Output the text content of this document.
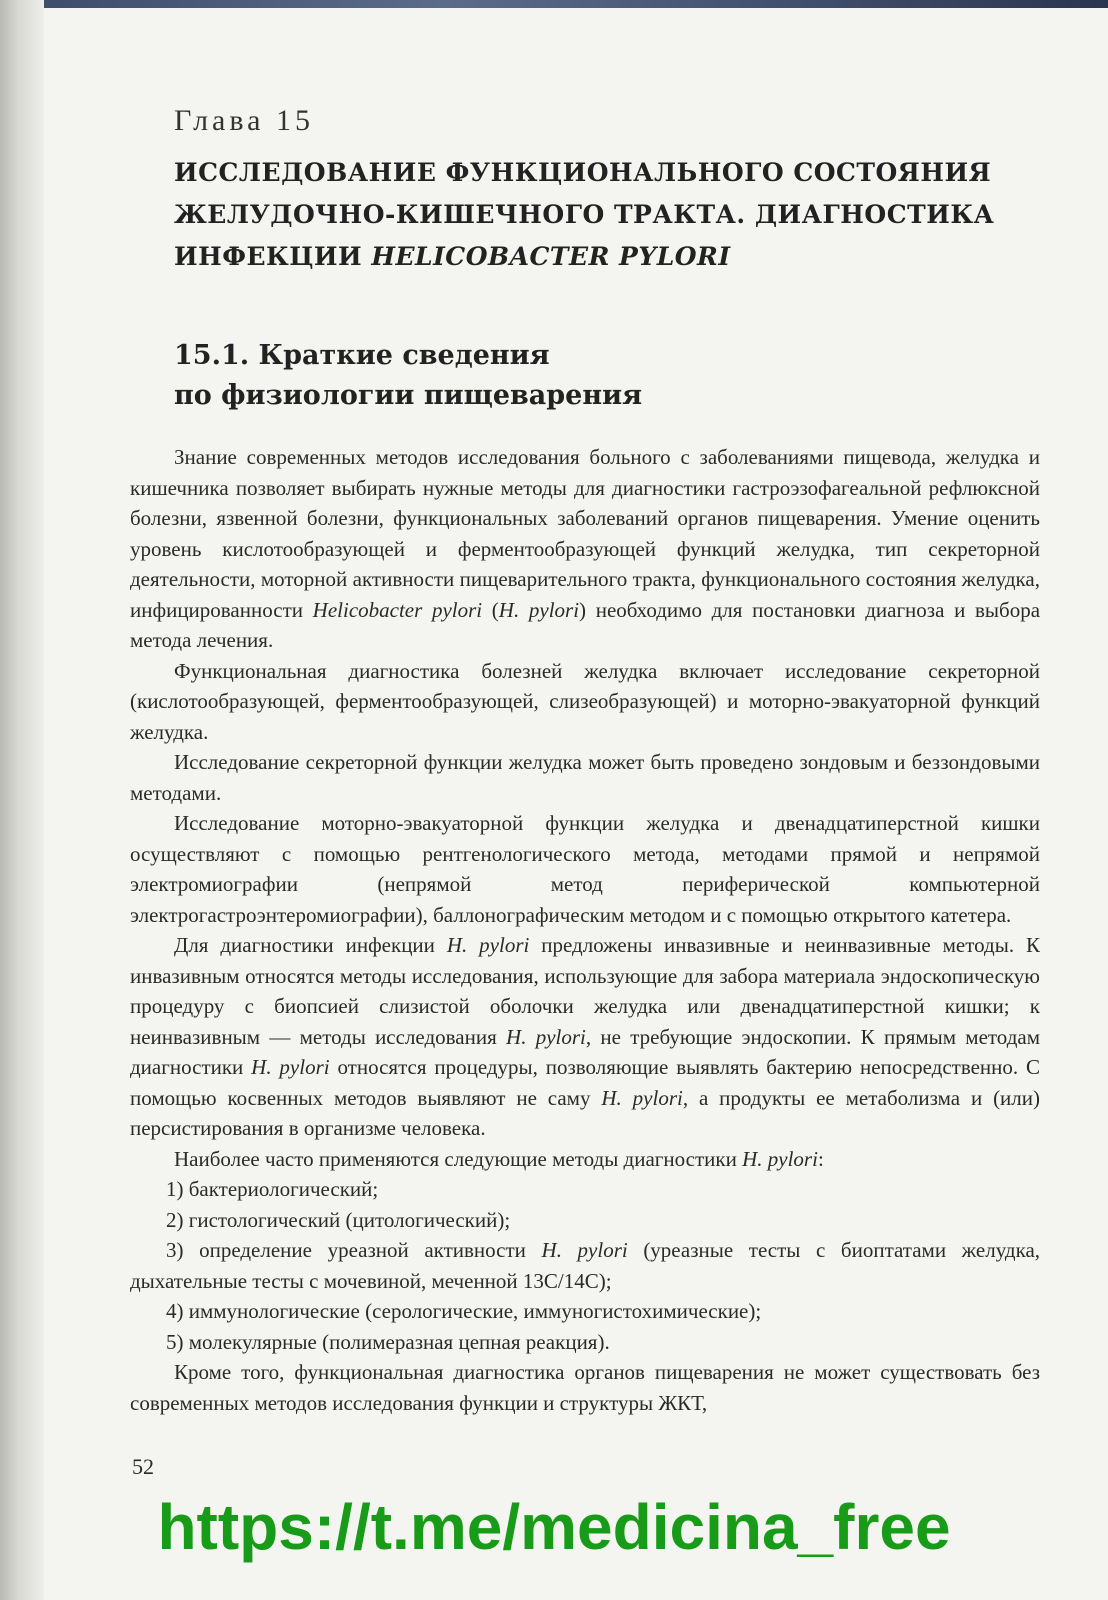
Глава 15
ИССЛЕДОВАНИЕ ФУНКЦИОНАЛЬНОГО СОСТОЯНИЯ
ЖЕЛУДОЧНО-КИШЕЧНОГО ТРАКТА. ДИАГНОСТИКА
ИНФЕКЦИИ HELICOBACTER PYLORI
15.1. Краткие сведения
по физиологии пищеварения

Знание современных методов исследования больного с заболеваниями пищевода, желудка и кишечника позволяет выбирать нужные методы для диагностики гастроэзофагеальной рефлюксной болезни, язвенной болезни, функциональных заболеваний органов пищеварения. Умение оценить уровень кислотообразующей и ферментообразующей функций желудка, тип секреторной деятельности, моторной активности пищеварительного тракта, функционального состояния желудка, инфицированности Helicobacter pylori (H. pylori) необходимо для постановки диагноза и выбора метода лечения.

Функциональная диагностика болезней желудка включает исследование секреторной (кислотообразующей, ферментообразующей, слизеобразующей) и моторно-эвакуаторной функций желудка.

Исследование секреторной функции желудка может быть проведено зондовым и беззондовыми методами.

Исследование моторно-эвакуаторной функции желудка и двенадцатиперстной кишки осуществляют с помощью рентгенологического метода, методами прямой и непрямой электромиографии (непрямой метод периферической компьютерной электрогастроэнтеромиографии), баллонографическим методом и с помощью открытого катетера.

Для диагностики инфекции H. pylori предложены инвазивные и неинвазивные методы. К инвазивным относятся методы исследования, использующие для забора материала эндоскопическую процедуру с биопсией слизистой оболочки желудка или двенадцатиперстной кишки; к неинвазивным — методы исследования H. pylori, не требующие эндоскопии. К прямым методам диагностики H. pylori относятся процедуры, позволяющие выявлять бактерию непосредственно. С помощью косвенных методов выявляют не саму H. pylori, а продукты ее метаболизма и (или) персистирования в организме человека.

Наиболее часто применяются следующие методы диагностики H. pylori:

1) бактериологический;

2) гистологический (цитологический);

3) определение уреазной активности H. pylori (уреазные тесты с биоптатами желудка, дыхательные тесты с мочевиной, меченной 13С/14С);

4) иммунологические (серологические, иммуногистохимические);

5) молекулярные (полимеразная цепная реакция).

Кроме того, функциональная диагностика органов пищеварения не может существовать без современных методов исследования функции и структуры ЖКТ,

52
https://t.me/medicina_free
